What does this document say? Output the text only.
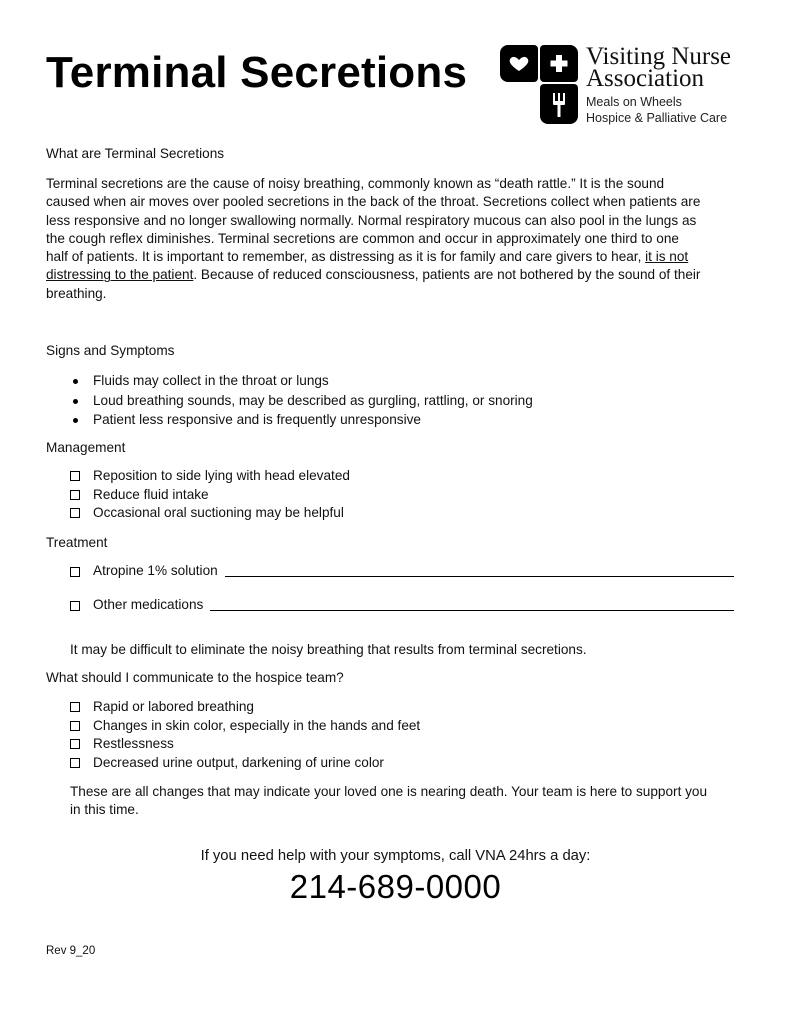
Terminal Secretions	Visiting Nurse
Association
Meals on Wheels
Hospice & Palliative Care
What are Terminal Secretions
Terminal secretions are the cause of noisy breathing, commonly known as “death rattle.” It is the sound
caused when air moves over pooled secretions in the back of the throat. Secretions collect when patients are
less responsive and no longer swallowing normally. Normal respiratory mucous can also pool in the lungs as
the cough reflex diminishes. Terminal secretions are common and occur in approximately one third to one
half of patients. It is important to remember, as distressing as it is for family and care givers to hear, it is not
distressing to the patient. Because of reduced consciousness, patients are not bothered by the sound of their
breathing.
Signs and Symptoms
Fluids may collect in the throat or lungs
Loud breathing sounds, may be described as gurgling, rattling, or snoring
Patient less responsive and is frequently unresponsive
Management
Reposition to side lying with head elevated
Reduce fluid intake
Occasional oral suctioning may be helpful
Treatment
Atropine 1% solution
Other medications
It may be difficult to eliminate the noisy breathing that results from terminal secretions.
What should I communicate to the hospice team?
Rapid or labored breathing
Changes in skin color, especially in the hands and feet
Restlessness
Decreased urine output, darkening of urine color
These are all changes that may indicate your loved one is nearing death. Your team is here to support you
in this time.
If you need help with your symptoms, call VNA 24hrs a day:
214-689-0000
Rev 9_20
